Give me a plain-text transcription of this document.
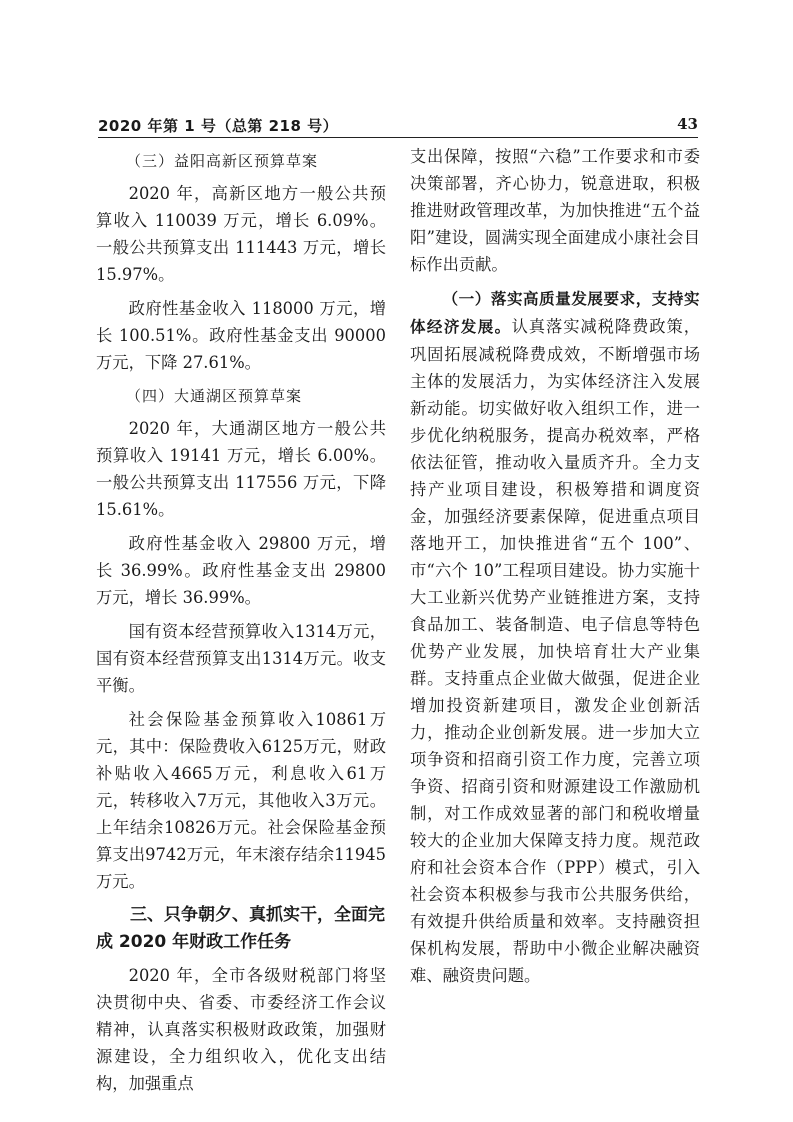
2020 年第 1 号（总第 218 号）	43
（三）益阳高新区预算草案
2020 年，高新区地方一般公共预算收入 110039 万元，增长 6.09%。一般公共预算支出 111443 万元，增长 15.97%。
政府性基金收入 118000 万元，增长 100.51%。政府性基金支出 90000 万元，下降 27.61%。
（四）大通湖区预算草案
2020 年，大通湖区地方一般公共预算收入 19141 万元，增长 6.00%。一般公共预算支出 117556 万元，下降 15.61%。
政府性基金收入 29800 万元，增长 36.99%。政府性基金支出 29800 万元，增长 36.99%。
国有资本经营预算收入1314万元，国有资本经营预算支出1314万元。收支平衡。
社会保险基金预算收入10861万元，其中：保险费收入6125万元，财政补贴收入4665万元，利息收入61万元，转移收入7万元，其他收入3万元。上年结余10826万元。社会保险基金预算支出9742万元，年末滚存结余11945万元。
三、只争朝夕、真抓实干，全面完成 2020 年财政工作任务
2020 年，全市各级财税部门将坚决贯彻中央、省委、市委经济工作会议精神，认真落实积极财政政策，加强财源建设，全力组织收入，优化支出结构，加强重点
支出保障，按照“六稳”工作要求和市委决策部署，齐心协力，锐意进取，积极推进财政管理改革，为加快推进“五个益阳”建设，圆满实现全面建成小康社会目标作出贡献。
（一）落实高质量发展要求，支持实体经济发展。认真落实减税降费政策，巩固拓展减税降费成效，不断增强市场主体的发展活力，为实体经济注入发展新动能。切实做好收入组织工作，进一步优化纳税服务，提高办税效率，严格依法征管，推动收入量质齐升。全力支持产业项目建设，积极筹措和调度资金，加强经济要素保障，促进重点项目落地开工，加快推进省“五个 100”、市“六个 10”工程项目建设。协力实施十大工业新兴优势产业链推进方案，支持食品加工、装备制造、电子信息等特色优势产业发展，加快培育壮大产业集群。支持重点企业做大做强，促进企业增加投资新建项目，激发企业创新活力，推动企业创新发展。进一步加大立项争资和招商引资工作力度，完善立项争资、招商引资和财源建设工作激励机制，对工作成效显著的部门和税收增量较大的企业加大保障支持力度。规范政府和社会资本合作（PPP）模式，引入社会资本积极参与我市公共服务供给，有效提升供给质量和效率。支持融资担保机构发展，帮助中小微企业解决融资难、融资贵问题。
